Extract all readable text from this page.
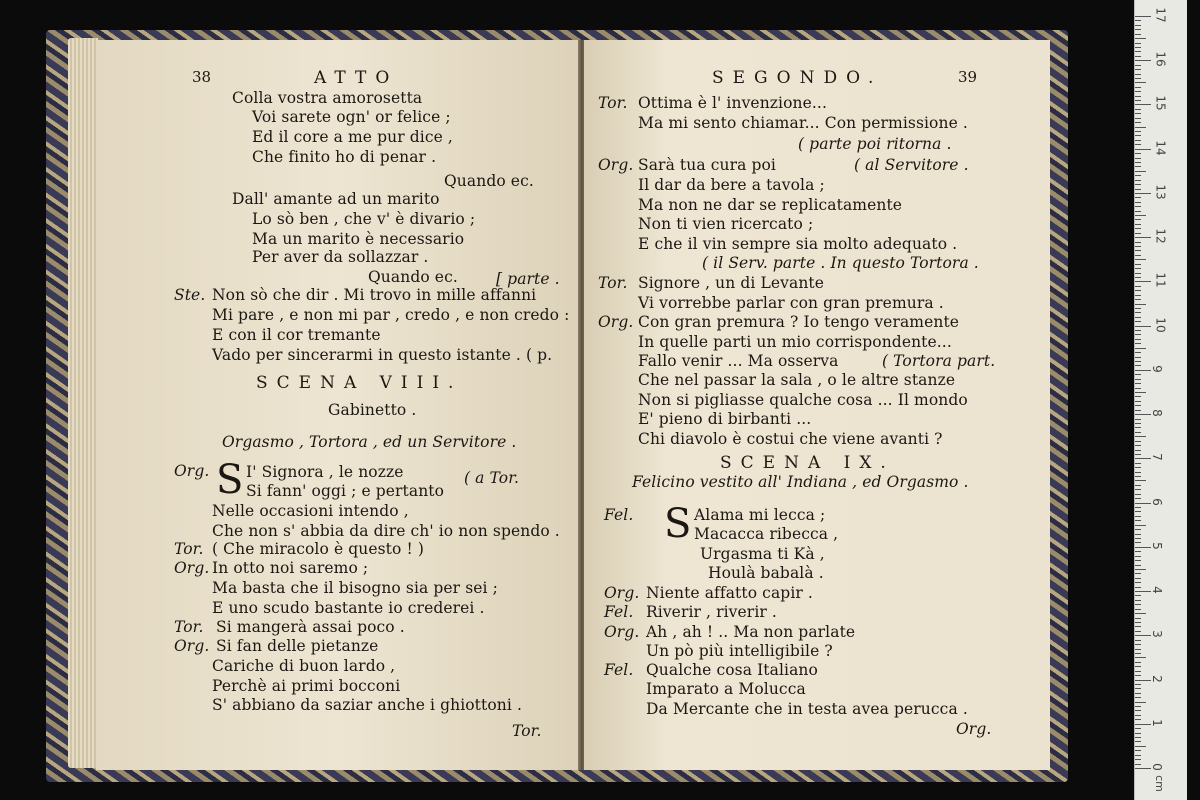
38	ATTO
Colla vostra amorosetta
Voi sarete ogn' or felice ;
Ed il core a me pur dice ,
Che finito ho di penar .
Quando ec.
Dall' amante ad un marito
Lo sò ben , che v' è divario ;
Ma un marito è necessario
Per aver da sollazzar .
Quando ec. [ parte .
Ste. Non sò che dir . Mi trovo in mille affanni
Mi pare , e non mi par , credo , e non credo :
E con il cor tremante
Vado per sincerarmi in questo istante . ( p.
SCENA VIII.
Gabinetto .
Orgasmo , Tortora , ed un Servitore .
Org. S I' Signora , le nozze	( a Tor.
Si fann' oggi ; e pertanto
Nelle occasioni intendo ,
Che non s' abbia da dire ch' io non spendo .
Tor. ( Che miracolo è questo ! )
Org. In otto noi saremo ;
Ma basta che il bisogno sia per sei ;
E uno scudo bastante io crederei .
Tor. Si mangerà assai poco .
Org. Si fan delle pietanze
Cariche di buon lardo ,
Perchè ai primi bocconi
S' abbiano da saziar anche i ghiottoni .
Tor.
SEGONDO.	39
Tor. Ottima è l' invenzione...
Ma mi sento chiamar... Con permissione .
( parte poi ritorna .
Org. Sarà tua cura poi	( al Servitore .
Il dar da bere a tavola ;
Ma non ne dar se replicatamente
Non ti vien ricercato ;
E che il vin sempre sia molto adequato .
( il Serv. parte . In questo Tortora .
Tor. Signore , un di Levante
Vi vorrebbe parlar con gran premura .
Org. Con gran premura ? Io tengo veramente
In quelle parti un mio corrispondente...
Fallo venir ... Ma osserva	( Tortora part.
Che nel passar la sala , o le altre stanze
Non si pigliasse qualche cosa ... Il mondo
E' pieno di birbanti ...
Chi diavolo è costui che viene avanti ?
SCENA IX.
Felicino vestito all' Indiana , ed Orgasmo .
Fel. S Alama mi lecca ;
Macacca ribecca ,
Urgasma ti Kà ,
Houlà babalà .
Org. Niente affatto capir .
Fel. Riverir , riverir .
Org. Ah , ah ! .. Ma non parlate
Un pò più intelligibile ?
Fel. Qualche cosa Italiano
Imparato a Molucca
Da Mercante che in testa avea perucca .
Org.
cm
0
1
2
3
4
5
6
7
8
9
10
11
12
13
14
15
16
17
